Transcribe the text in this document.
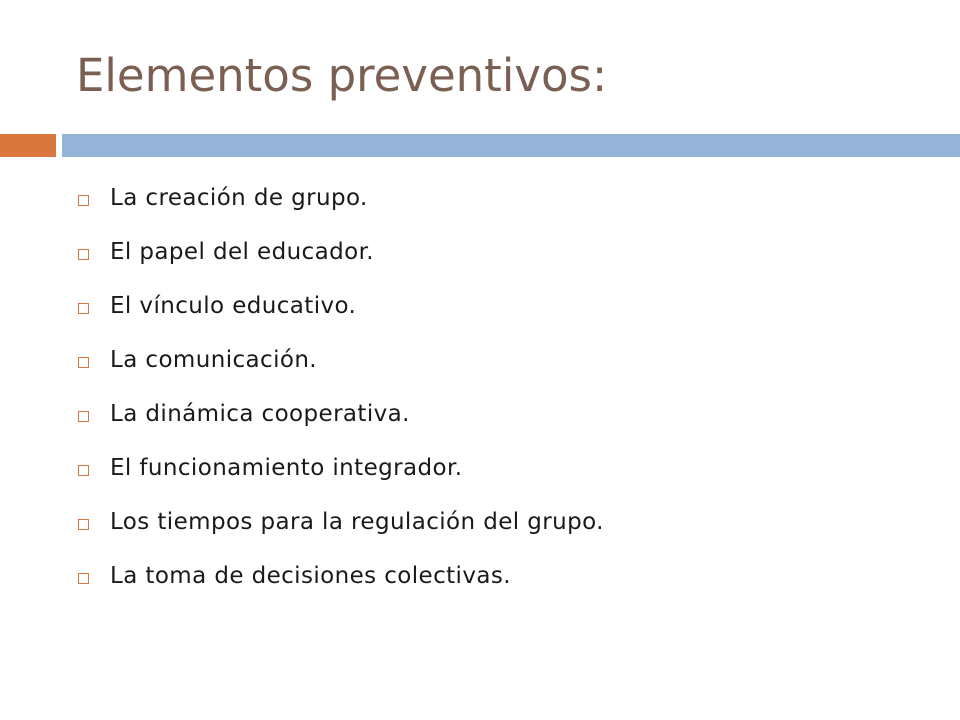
Elementos preventivos:
La creación de grupo.
El papel del educador.
El vínculo educativo.
La comunicación.
La dinámica cooperativa.
El funcionamiento integrador.
Los tiempos para la regulación del grupo.
La toma de decisiones colectivas.
